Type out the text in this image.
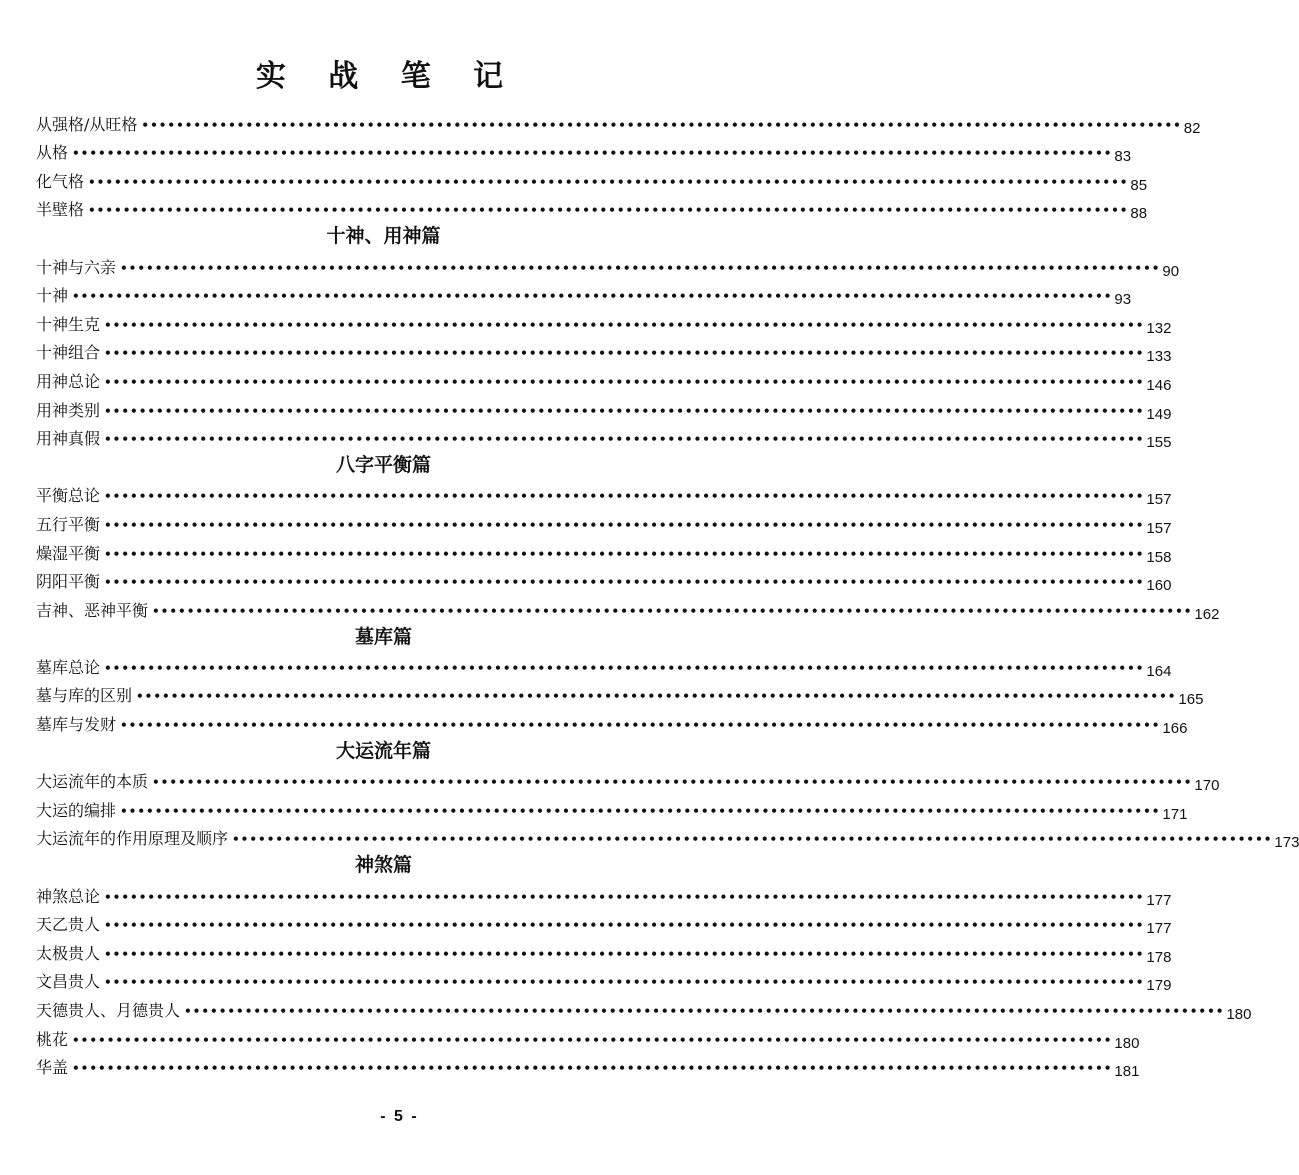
实 战 笔 记
从强格/从旺格 •••••••••••••••••••••••••••••••••••••••••••••••••••••••••••••••••••••••••••••••••••••••••••••••••••••••••••••••••••••••• 82
从格 •••••••••••••••••••••••••••••••••••••••••••••••••••••••••••••••••••••••••••••••••••••••••••••••••••••••••••••••••••••••• 83
化气格 •••••••••••••••••••••••••••••••••••••••••••••••••••••••••••••••••••••••••••••••••••••••••••••••••••••••••••••••••••••••• 85
半壁格 •••••••••••••••••••••••••••••••••••••••••••••••••••••••••••••••••••••••••••••••••••••••••••••••••••••••••••••••••••••••• 88
十神、用神篇
十神与六亲 •••••••••••••••••••••••••••••••••••••••••••••••••••••••••••••••••••••••••••••••••••••••••••••••••••••••••••••••••••••••• 90
十神 •••••••••••••••••••••••••••••••••••••••••••••••••••••••••••••••••••••••••••••••••••••••••••••••••••••••••••••••••••••••• 93
十神生克 •••••••••••••••••••••••••••••••••••••••••••••••••••••••••••••••••••••••••••••••••••••••••••••••••••••••••••••••••••••••• 132
十神组合 •••••••••••••••••••••••••••••••••••••••••••••••••••••••••••••••••••••••••••••••••••••••••••••••••••••••••••••••••••••••• 133
用神总论 •••••••••••••••••••••••••••••••••••••••••••••••••••••••••••••••••••••••••••••••••••••••••••••••••••••••••••••••••••••••• 146
用神类别 •••••••••••••••••••••••••••••••••••••••••••••••••••••••••••••••••••••••••••••••••••••••••••••••••••••••••••••••••••••••• 149
用神真假 •••••••••••••••••••••••••••••••••••••••••••••••••••••••••••••••••••••••••••••••••••••••••••••••••••••••••••••••••••••••• 155
八字平衡篇
平衡总论 •••••••••••••••••••••••••••••••••••••••••••••••••••••••••••••••••••••••••••••••••••••••••••••••••••••••••••••••••••••••• 157
五行平衡 •••••••••••••••••••••••••••••••••••••••••••••••••••••••••••••••••••••••••••••••••••••••••••••••••••••••••••••••••••••••• 157
燥湿平衡 •••••••••••••••••••••••••••••••••••••••••••••••••••••••••••••••••••••••••••••••••••••••••••••••••••••••••••••••••••••••• 158
阴阳平衡 •••••••••••••••••••••••••••••••••••••••••••••••••••••••••••••••••••••••••••••••••••••••••••••••••••••••••••••••••••••••• 160
吉神、恶神平衡 •••••••••••••••••••••••••••••••••••••••••••••••••••••••••••••••••••••••••••••••••••••••••••••••••••••••••••••••••••••••• 162
墓库篇
墓库总论 •••••••••••••••••••••••••••••••••••••••••••••••••••••••••••••••••••••••••••••••••••••••••••••••••••••••••••••••••••••••• 164
墓与库的区别 •••••••••••••••••••••••••••••••••••••••••••••••••••••••••••••••••••••••••••••••••••••••••••••••••••••••••••••••••••••••• 165
墓库与发财 •••••••••••••••••••••••••••••••••••••••••••••••••••••••••••••••••••••••••••••••••••••••••••••••••••••••••••••••••••••••• 166
大运流年篇
大运流年的本质 •••••••••••••••••••••••••••••••••••••••••••••••••••••••••••••••••••••••••••••••••••••••••••••••••••••••••••••••••••••••• 170
大运的编排 •••••••••••••••••••••••••••••••••••••••••••••••••••••••••••••••••••••••••••••••••••••••••••••••••••••••••••••••••••••••• 171
大运流年的作用原理及顺序 •••••••••••••••••••••••••••••••••••••••••••••••••••••••••••••••••••••••••••••••••••••••••••••••••••••••••••••••••••••••• 173
神煞篇
神煞总论 •••••••••••••••••••••••••••••••••••••••••••••••••••••••••••••••••••••••••••••••••••••••••••••••••••••••••••••••••••••••• 177
天乙贵人 •••••••••••••••••••••••••••••••••••••••••••••••••••••••••••••••••••••••••••••••••••••••••••••••••••••••••••••••••••••••• 177
太极贵人 •••••••••••••••••••••••••••••••••••••••••••••••••••••••••••••••••••••••••••••••••••••••••••••••••••••••••••••••••••••••• 178
文昌贵人 •••••••••••••••••••••••••••••••••••••••••••••••••••••••••••••••••••••••••••••••••••••••••••••••••••••••••••••••••••••••• 179
天德贵人、月德贵人 •••••••••••••••••••••••••••••••••••••••••••••••••••••••••••••••••••••••••••••••••••••••••••••••••••••••••••••••••••••••• 180
桃花 •••••••••••••••••••••••••••••••••••••••••••••••••••••••••••••••••••••••••••••••••••••••••••••••••••••••••••••••••••••••• 180
华盖 •••••••••••••••••••••••••••••••••••••••••••••••••••••••••••••••••••••••••••••••••••••••••••••••••••••••••••••••••••••••• 181
- 5 -
